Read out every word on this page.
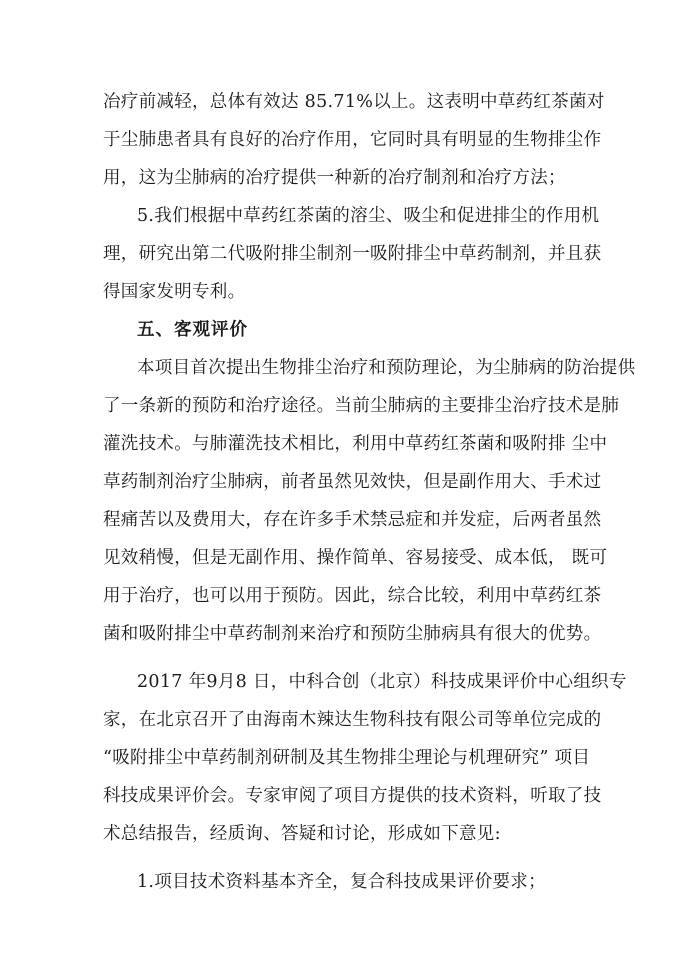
冶疗前减轻，总体有效达 85.71%以上。这表明中草药红茶菌对
于尘肺患者具有良好的冶疗作用，它同时具有明显的生物排尘作
用，这为尘肺病的冶疗提供一种新的冶疗制剂和冶疗方法；
5.我们根据中草药红茶菌的溶尘、吸尘和促进排尘的作用机
理，研究出第二代吸附排尘制剂一吸附排尘中草药制剂，并且获
得国家发明专利。
五、客观评价
本项目首次提出生物排尘治疗和预防理论，为尘肺病的防治提供
了一条新的预防和治疗途径。当前尘肺病的主要排尘治疗技术是肺
灌洗技术。与肺灌洗技术相比，利用中草药红茶菌和吸附排 尘中
草药制剂治疗尘肺病，前者虽然见效快，但是副作用大、手术过
程痛苦以及费用大，存在许多手术禁忌症和并发症，后两者虽然
见效稍慢，但是无副作用、操作简单、容易接受、成本低， 既可
用于治疗，也可以用于预防。因此，综合比较，利用中草药红茶
菌和吸附排尘中草药制剂来治疗和预防尘肺病具有很大的优势。
2017 年9月8 日，中科合创（北京）科技成果评价中心组织专
家，在北京召开了由海南木辣达生物科技有限公司等单位完成的
“吸附排尘中草药制剂研制及其生物排尘理论与机理研究” 项目
科技成果评价会。专家审阅了项目方提供的技术资料，听取了技
术总结报告，经质询、答疑和讨论，形成如下意见:
1.项目技术资料基本齐全，复合科技成果评价要求；
